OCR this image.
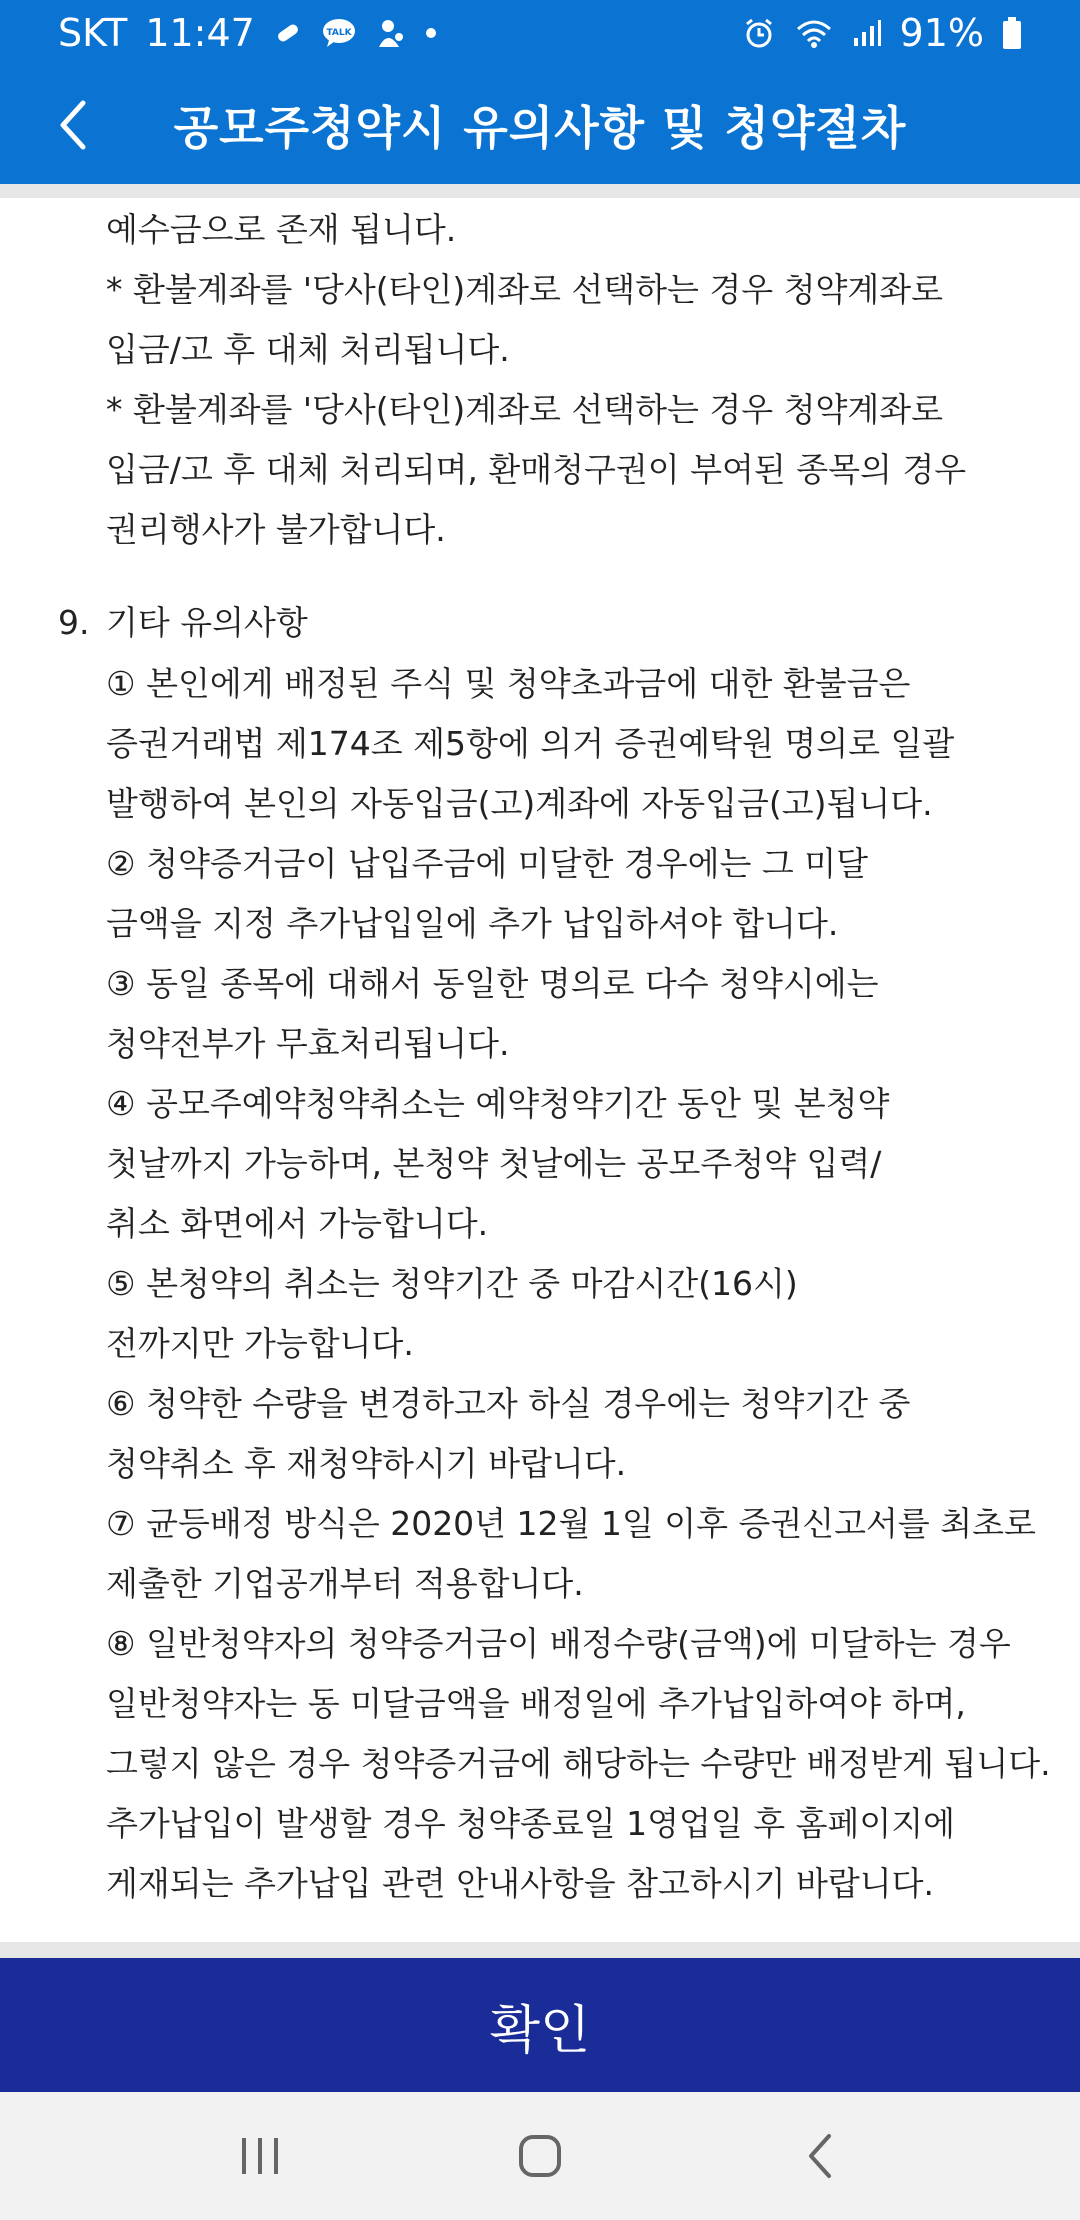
SKT 11:47	TALK	91%
공모주청약시 유의사항 및 청약절차
예수금으로 존재 됩니다.
* 환불계좌를 '당사(타인)계좌로 선택하는 경우 청약계좌로
입금/고 후 대체 처리됩니다.
* 환불계좌를 '당사(타인)계좌로 선택하는 경우 청약계좌로
입금/고 후 대체 처리되며, 환매청구권이 부여된 종목의 경우
권리행사가 불가합니다.
9. 기타 유의사항
① 본인에게 배정된 주식 및 청약초과금에 대한 환불금은
증권거래법 제174조 제5항에 의거 증권예탁원 명의로 일괄
발행하여 본인의 자동입금(고)계좌에 자동입금(고)됩니다.
② 청약증거금이 납입주금에 미달한 경우에는 그 미달
금액을 지정 추가납입일에 추가 납입하셔야 합니다.
③ 동일 종목에 대해서 동일한 명의로 다수 청약시에는
청약전부가 무효처리됩니다.
④ 공모주예약청약취소는 예약청약기간 동안 및 본청약
첫날까지 가능하며, 본청약 첫날에는 공모주청약 입력/
취소 화면에서 가능합니다.
⑤ 본청약의 취소는 청약기간 중 마감시간(16시)
전까지만 가능합니다.
⑥ 청약한 수량을 변경하고자 하실 경우에는 청약기간 중
청약취소 후 재청약하시기 바랍니다.
⑦ 균등배정 방식은 2020년 12월 1일 이후 증권신고서를 최초로
제출한 기업공개부터 적용합니다.
⑧ 일반청약자의 청약증거금이 배정수량(금액)에 미달하는 경우
일반청약자는 동 미달금액을 배정일에 추가납입하여야 하며,
그렇지 않은 경우 청약증거금에 해당하는 수량만 배정받게 됩니다.
추가납입이 발생할 경우 청약종료일 1영업일 후 홈페이지에
게재되는 추가납입 관련 안내사항을 참고하시기 바랍니다.
확인
